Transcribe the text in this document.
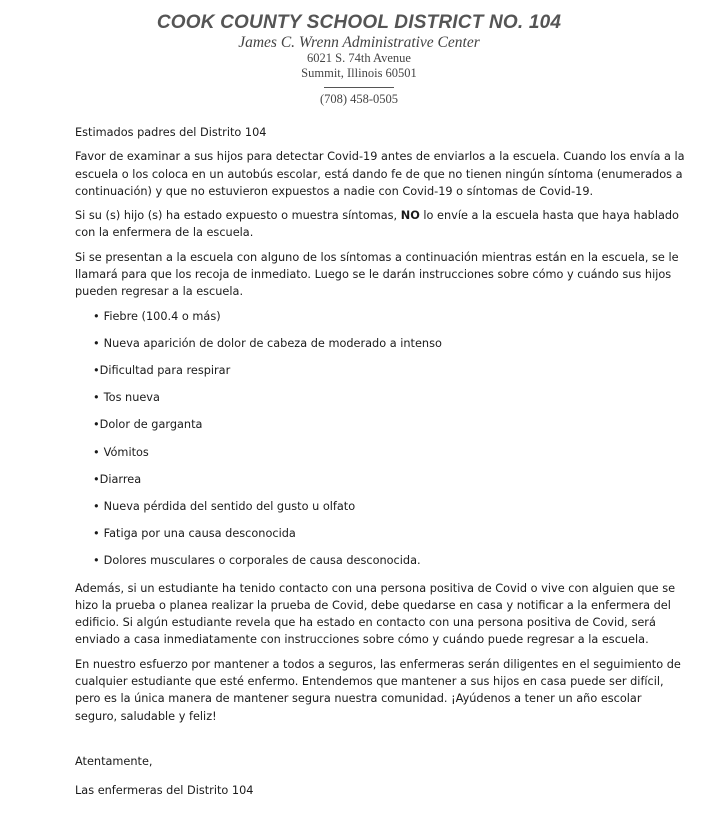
COOK COUNTY SCHOOL DISTRICT NO. 104
James C. Wrenn Administrative Center
6021 S. 74th Avenue
Summit, Illinois 60501
(708) 458-0505

Estimados padres del Distrito 104

Favor de examinar a sus hijos para detectar Covid-19 antes de enviarlos a la escuela. Cuando los envía a la escuela o los coloca en un autobús escolar, está dando fe de que no tienen ningún síntoma (enumerados a continuación) y que no estuvieron expuestos a nadie con Covid-19 o síntomas de Covid-19.

Si su (s) hijo (s) ha estado expuesto o muestra síntomas, NO lo envíe a la escuela hasta que haya hablado con la enfermera de la escuela.

Si se presentan a la escuela con alguno de los síntomas a continuación mientras están en la escuela, se le llamará para que los recoja de inmediato. Luego se le darán instrucciones sobre cómo y cuándo sus hijos pueden regresar a la escuela.

• Fiebre (100.4 o más)
• Nueva aparición de dolor de cabeza de moderado a intenso
•Dificultad para respirar
• Tos nueva
•Dolor de garganta
• Vómitos
•Diarrea
• Nueva pérdida del sentido del gusto u olfato
• Fatiga por una causa desconocida
• Dolores musculares o corporales de causa desconocida.

Además, si un estudiante ha tenido contacto con una persona positiva de Covid o vive con alguien que se hizo la prueba o planea realizar la prueba de Covid, debe quedarse en casa y notificar a la enfermera del edificio. Si algún estudiante revela que ha estado en contacto con una persona positiva de Covid, será enviado a casa inmediatamente con instrucciones sobre cómo y cuándo puede regresar a la escuela.

En nuestro esfuerzo por mantener a todos a seguros, las enfermeras serán diligentes en el seguimiento de cualquier estudiante que esté enfermo. Entendemos que mantener a sus hijos en casa puede ser difícil, pero es la única manera de mantener segura nuestra comunidad. ¡Ayúdenos a tener un año escolar seguro, saludable y feliz!

Atentamente,

Las enfermeras del Distrito 104
